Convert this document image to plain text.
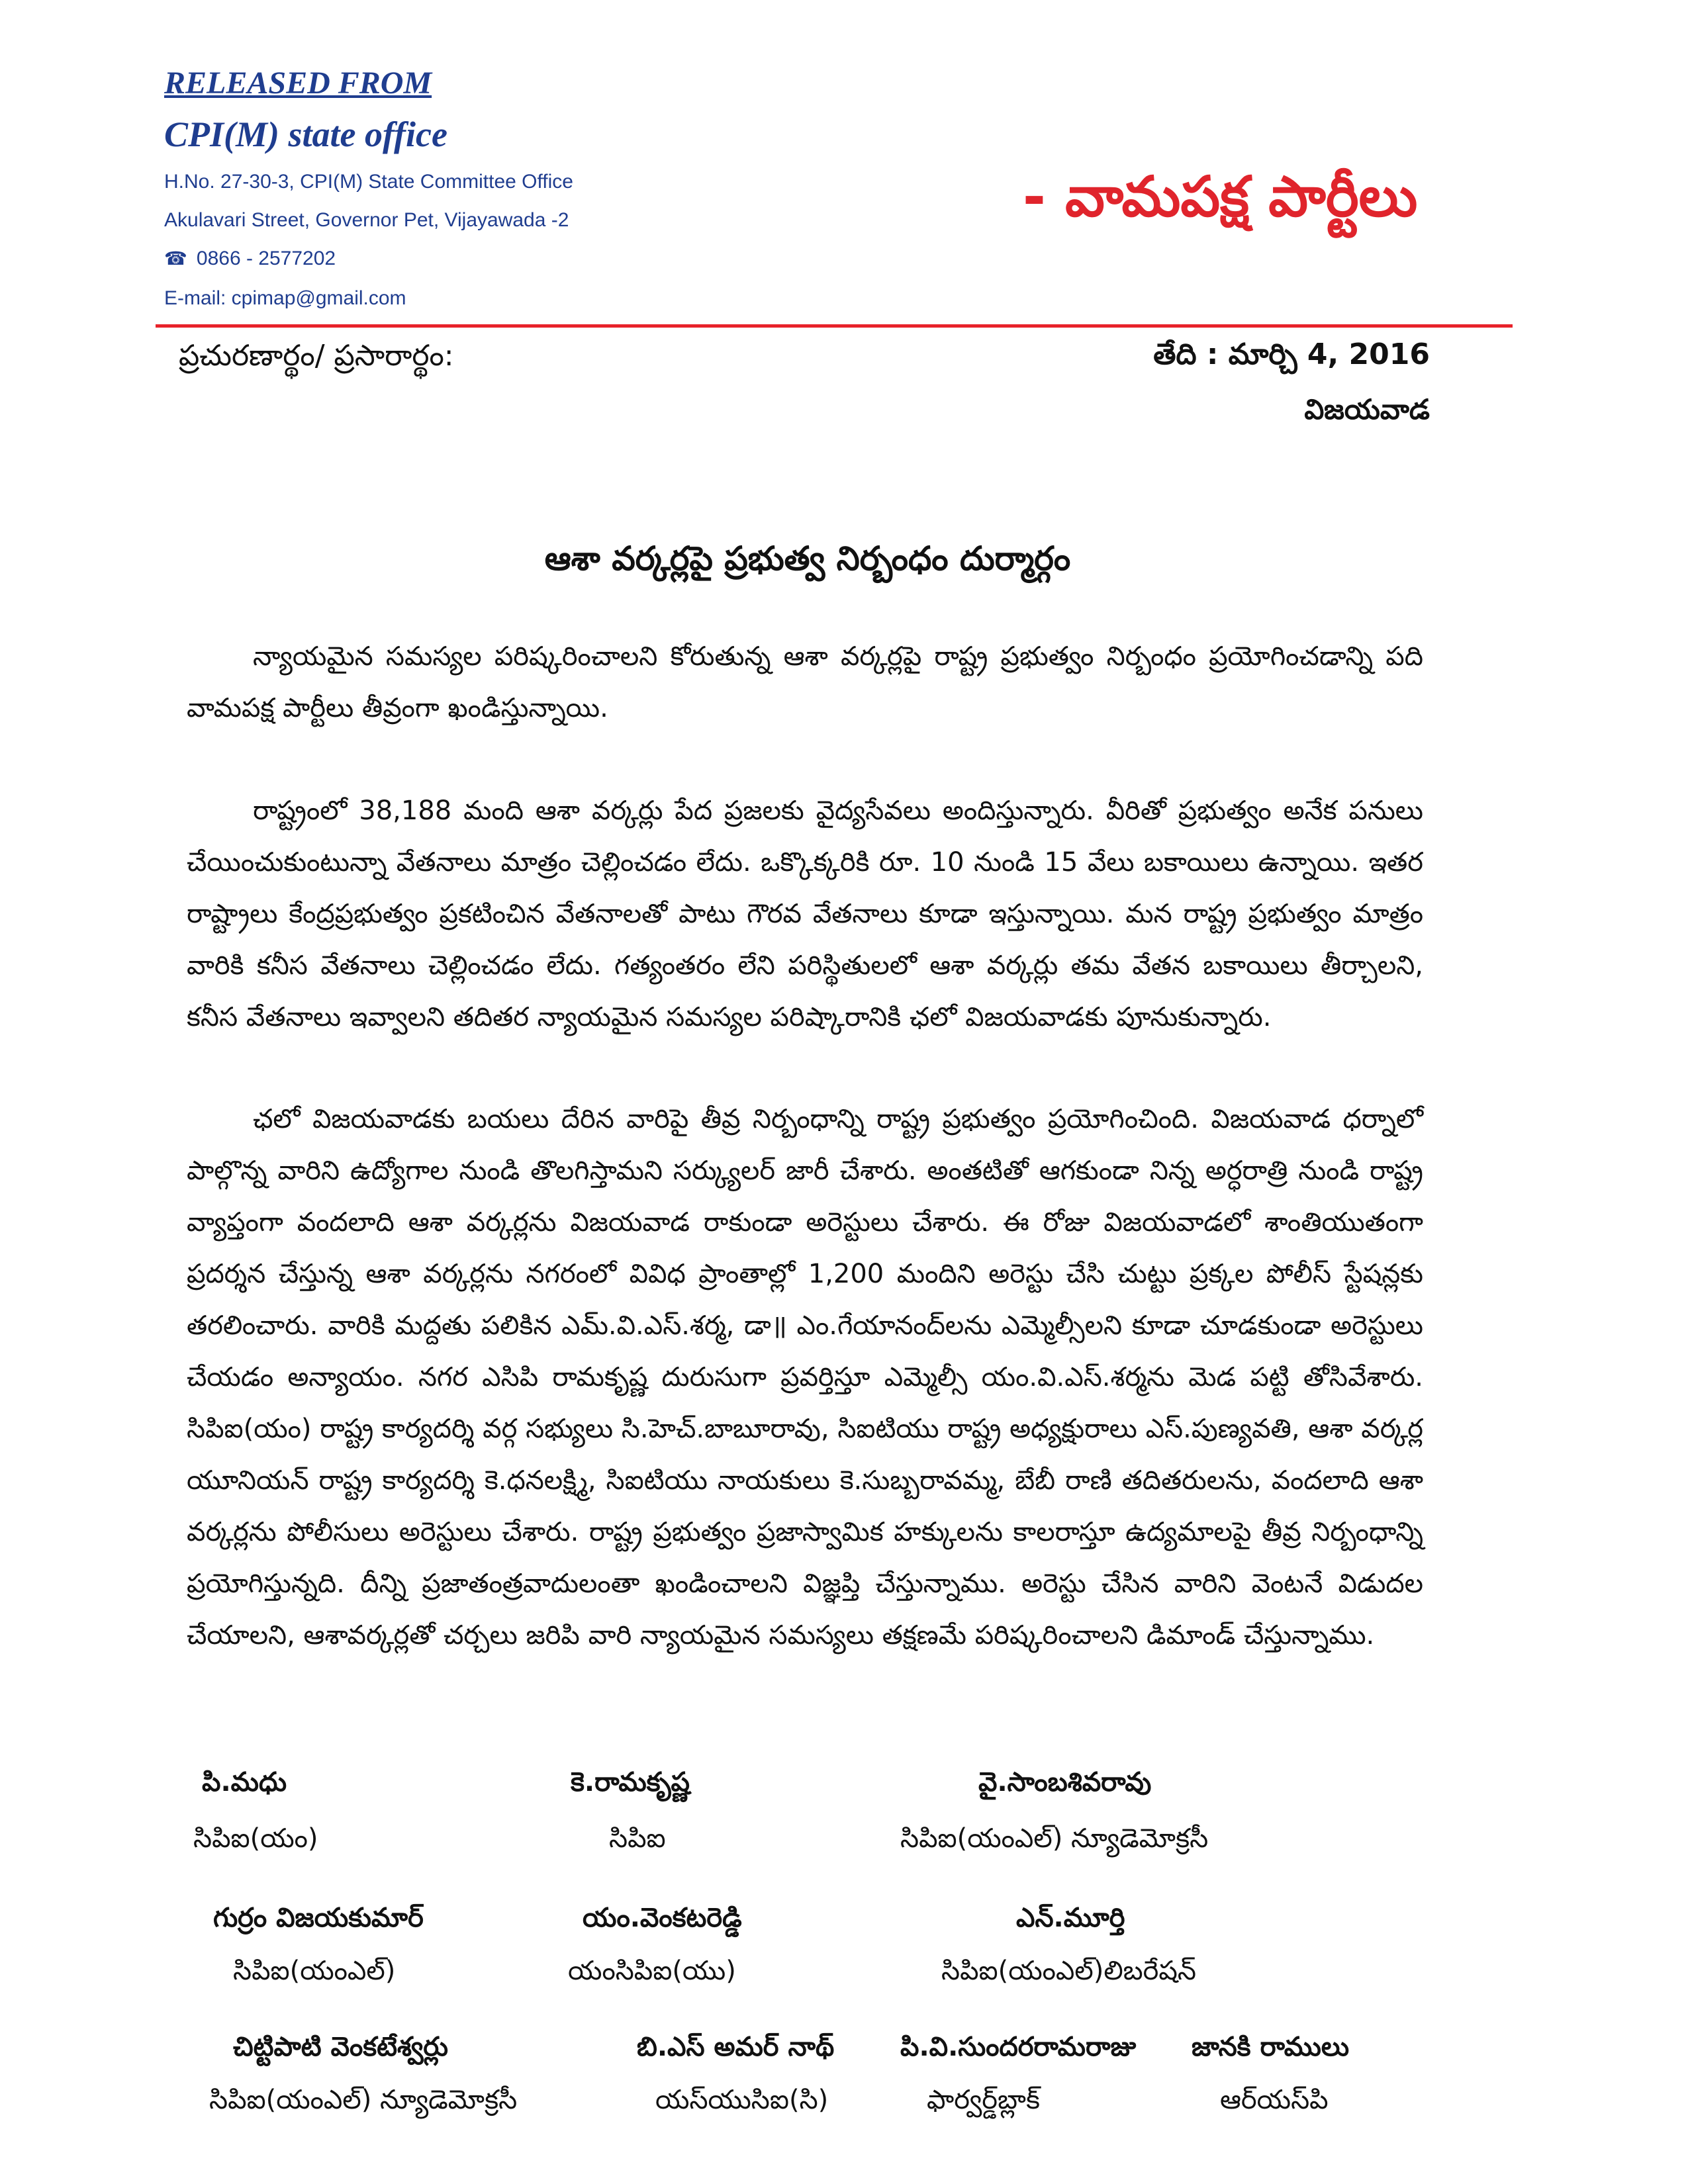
RELEASED FROM
CPI(M) state office
H.No. 27-30-3, CPI(M) State Committee Office
Akulavari Street, Governor Pet, Vijayawada -2
☎ 0866 - 2577202
E-mail: cpimap@gmail.com
- వామపక్ష పార్టీలు
ప్రచురణార్థం/ ప్రసారార్థం:	తేది : మార్చి 4, 2016
విజయవాడ
ఆశా వర్కర్లపై ప్రభుత్వ నిర్బంధం దుర్మార్గం

న్యాయమైన సమస్యల పరిష్కరించాలని కోరుతున్న ఆశా వర్కర్లపై రాష్ట్ర ప్రభుత్వం నిర్బంధం ప్రయోగించడాన్ని పది వామపక్ష పార్టీలు తీవ్రంగా ఖండిస్తున్నాయి.

రాష్ట్రంలో 38,188 మంది ఆశా వర్కర్లు పేద ప్రజలకు వైద్యసేవలు అందిస్తున్నారు. వీరితో ప్రభుత్వం అనేక పనులు చేయించుకుంటున్నా వేతనాలు మాత్రం చెల్లించడం లేదు. ఒక్కొక్కరికి రూ. 10 నుండి 15 వేలు బకాయిలు ఉన్నాయి. ఇతర రాష్ట్రాలు కేంద్రప్రభుత్వం ప్రకటించిన వేతనాలతో పాటు గౌరవ వేతనాలు కూడా ఇస్తున్నాయి. మన రాష్ట్ర ప్రభుత్వం మాత్రం వారికి కనీస వేతనాలు చెల్లించడం లేదు. గత్యంతరం లేని పరిస్థితులలో ఆశా వర్కర్లు తమ వేతన బకాయిలు తీర్చాలని, కనీస వేతనాలు ఇవ్వాలని తదితర న్యాయమైన సమస్యల పరిష్కారానికి ఛలో విజయవాడకు పూనుకున్నారు.

ఛలో విజయవాడకు బయలు దేరిన వారిపై తీవ్ర నిర్బంధాన్ని రాష్ట్ర ప్రభుత్వం ప్రయోగించింది. విజయవాడ ధర్నాలో పాల్గొన్న వారిని ఉద్యోగాల నుండి తొలగిస్తామని సర్క్యులర్ జారీ చేశారు. అంతటితో ఆగకుండా నిన్న అర్ధరాత్రి నుండి రాష్ట్ర వ్యాప్తంగా వందలాది ఆశా వర్కర్లను విజయవాడ రాకుండా అరెస్టులు చేశారు. ఈ రోజు విజయవాడలో శాంతియుతంగా ప్రదర్శన చేస్తున్న ఆశా వర్కర్లను నగరంలో వివిధ ప్రాంతాల్లో 1,200 మందిని అరెస్టు చేసి చుట్టు ప్రక్కల పోలీస్ స్టేషన్లకు తరలించారు. వారికి మద్దతు పలికిన ఎమ్.వి.ఎస్.శర్మ, డా॥ ఎం.గేయానంద్‌లను ఎమ్మెల్సీలని కూడా చూడకుండా అరెస్టులు చేయడం అన్యాయం. నగర ఎసిపి రామకృష్ణ దురుసుగా ప్రవర్తిస్తూ ఎమ్మెల్సీ యం.వి.ఎస్.శర్మను మెడ పట్టి తోసివేశారు. సిపిఐ(యం) రాష్ట్ర కార్యదర్శి వర్గ సభ్యులు సి.హెచ్.బాబూరావు, సిఐటియు రాష్ట్ర అధ్యక్షురాలు ఎస్.పుణ్యవతి, ఆశా వర్కర్ల యూనియన్ రాష్ట్ర కార్యదర్శి కె.ధనలక్ష్మి, సిఐటియు నాయకులు కె.సుబ్బరావమ్మ, బేబీ రాణి తదితరులను, వందలాది ఆశా వర్కర్లను పోలీసులు అరెస్టులు చేశారు. రాష్ట్ర ప్రభుత్వం ప్రజాస్వామిక హక్కులను కాలరాస్తూ ఉద్యమాలపై తీవ్ర నిర్బంధాన్ని ప్రయోగిస్తున్నది. దీన్ని ప్రజాతంత్రవాదులంతా ఖండించాలని విజ్ఞప్తి చేస్తున్నాము. అరెస్టు చేసిన వారిని వెంటనే విడుదల చేయాలని, ఆశావర్కర్లతో చర్చలు జరిపి వారి న్యాయమైన సమస్యలు తక్షణమే పరిష్కరించాలని డిమాండ్ చేస్తున్నాము.

పి.మధు
సిపిఐ(యం)
కె.రామకృష్ణ
సిపిఐ
వై.సాంబశివరావు
సిపిఐ(యంఎల్) న్యూడెమోక్రసీ
గుర్రం విజయకుమార్
సిపిఐ(యంఎల్)
యం.వెంకటరెడ్డి
యంసిపిఐ(యు)
ఎన్.మూర్తి
సిపిఐ(యంఎల్)లిబరేషన్
చిట్టిపాటి వెంకటేశ్వర్లు
సిపిఐ(యంఎల్) న్యూడెమోక్రసీ
బి.ఎస్ అమర్ నాథ్
యస్‌యుసిఐ(సి)
పి.వి.సుందరరామరాజు
ఫార్వర్డ్‌బ్లాక్
జానకి రాములు
ఆర్‌యస్‌పి
